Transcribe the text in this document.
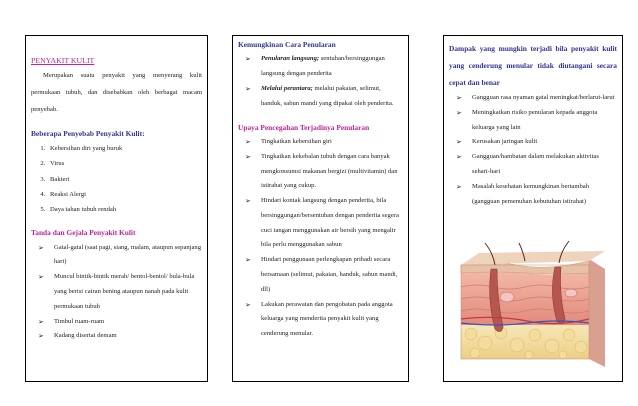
PENYAKIT KULIT

Merupakan suatu penyakit yang menyerang kulit permukaan tubuh, dan disebabkan oleh berbagai macam penyebab.

Beberapa Penyebab Penyakit Kulit:

1. Kebersihan diri yang buruk
2. Virus
3. Bakteri
4. Reaksi Alergi
5. Daya tahan tubuh rendah

Tanda dan Gejala Penyakit Kulit

➢ Gatal-gatal (saat pagi, siang, malam, ataupun sepanjang hari)
➢ Muncul bintik-bintik merah/ bentol-bentol/ bula-bula yang berisi cairan bening ataupun nanah pada kulit permukaan tubuh
➢ Timbul ruam-ruam
➢ Kadang disertai demam

Kemungkinan Cara Penularan

➢ Penularan langsung; sentuhan/bersinggungan langsung dengan penderita
➢ Melalui perantara; melalui pakaian, selimut, handuk, sabun mandi yang dipakai oleh penderita.

Upaya Pencegahan Terjadinya Penularan

➢ Tingkatkan kebersihan giri
➢ Tingkatkan kekebalan tubuh dengan cara banyak mengkonsumsi makanan bergizi (multivitamin) dan istirahat yang cukup.
➢ Hindari kontak langsung dengan penderita, bila bersinggungan/bersentuhan dengan penderita segera cuci tangan menggunakan air bersih yang mengalir bila perlu menggunakan sabun
➢ Hindari penggunaan perlengkapan pribadi secara bersamaan (selimut, pakaian, handuk, sabun mandi, dll)
➢ Lakukan perawatan dan pengobatan pada anggota keluarga yang menderita penyakit kulit yang cenderung menular.

Dampak yang mungkin terjadi bila penyakit kulit yang cenderung menular tidak diutangani secara cepat dan benar

➢ Gangguan rasa nyaman gatal meningkat/berlarut-larut
➢ Meningkatkan risiko penularan kepada anggota keluarga yang lain
➢ Kerusakan jaringan kulit
➢ Gangguan/hambatan dalam melakukan aktivitas sehari-hari
➢ Masalah kesehatan kemungkinan bertambah (gangguan pemenuhan kebutuhan istirahat)
